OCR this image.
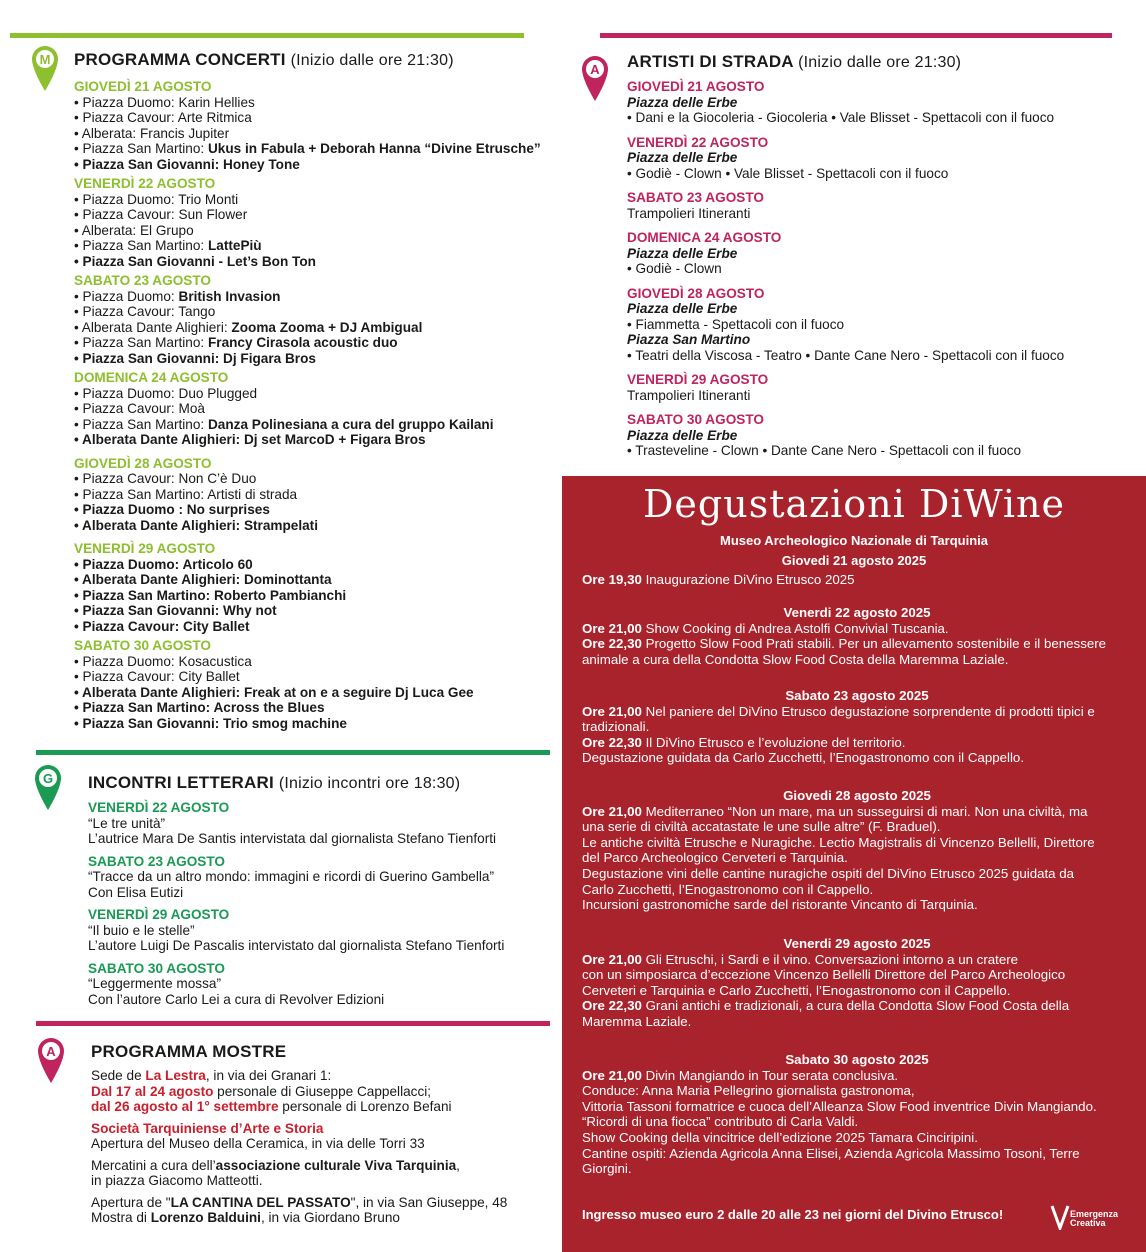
M PROGRAMMA CONCERTI (Inizio dalle ore 21:30)
GIOVEDÌ 21 AGOSTO
• Piazza Duomo: Karin Hellies
• Piazza Cavour: Arte Ritmica
• Alberata: Francis Jupiter
• Piazza San Martino: Ukus in Fabula + Deborah Hanna “Divine Etrusche”
• Piazza San Giovanni: Honey Tone
VENERDÌ 22 AGOSTO
• Piazza Duomo: Trio Monti
• Piazza Cavour: Sun Flower
• Alberata: El Grupo
• Piazza San Martino: LattePiù
• Piazza San Giovanni - Let’s Bon Ton
SABATO 23 AGOSTO
• Piazza Duomo: British Invasion
• Piazza Cavour: Tango
• Alberata Dante Alighieri: Zooma Zooma + DJ Ambigual
• Piazza San Martino: Francy Cirasola acoustic duo
• Piazza San Giovanni: Dj Figara Bros
DOMENICA 24 AGOSTO
• Piazza Duomo: Duo Plugged
• Piazza Cavour: Moà
• Piazza San Martino: Danza Polinesiana a cura del gruppo Kailani
• Alberata Dante Alighieri: Dj set MarcoD + Figara Bros
GIOVEDÌ 28 AGOSTO
• Piazza Cavour: Non C’è Duo
• Piazza San Martino: Artisti di strada
• Piazza Duomo : No surprises
• Alberata Dante Alighieri: Strampelati
VENERDÌ 29 AGOSTO
• Piazza Duomo: Articolo 60
• Alberata Dante Alighieri: Dominottanta
• Piazza San Martino: Roberto Pambianchi
• Piazza San Giovanni: Why not
• Piazza Cavour: City Ballet
SABATO 30 AGOSTO
• Piazza Duomo: Kosacustica
• Piazza Cavour: City Ballet
• Alberata Dante Alighieri: Freak at on e a seguire Dj Luca Gee
• Piazza San Martino: Across the Blues
• Piazza San Giovanni: Trio smog machine
G INCONTRI LETTERARI (Inizio incontri ore 18:30)
VENERDÌ 22 AGOSTO
“Le tre unità”
L’autrice Mara De Santis intervistata dal giornalista Stefano Tienforti
SABATO 23 AGOSTO
“Tracce da un altro mondo: immagini e ricordi di Guerino Gambella”
Con Elisa Eutizi
VENERDÌ 29 AGOSTO
“Il buio e le stelle”
L’autore Luigi De Pascalis intervistato dal giornalista Stefano Tienforti
SABATO 30 AGOSTO
“Leggermente mossa”
Con l’autore Carlo Lei a cura di Revolver Edizioni
A PROGRAMMA MOSTRE
Sede de La Lestra, in via dei Granari 1:
Dal 17 al 24 agosto personale di Giuseppe Cappellacci;
dal 26 agosto al 1° settembre personale di Lorenzo Befani
Società Tarquiniense d’Arte e Storia
Apertura del Museo della Ceramica, in via delle Torri 33
Mercatini a cura dell’associazione culturale Viva Tarquinia,
in piazza Giacomo Matteotti.
Apertura de "LA CANTINA DEL PASSATO", in via San Giuseppe, 48
Mostra di Lorenzo Balduini, in via Giordano Bruno
A ARTISTI DI STRADA (Inizio dalle ore 21:30)
GIOVEDÌ 21 AGOSTO
Piazza delle Erbe
• Dani e la Giocoleria - Giocoleria • Vale Blisset - Spettacoli con il fuoco
VENERDÌ 22 AGOSTO
Piazza delle Erbe
• Godiè - Clown • Vale Blisset - Spettacoli con il fuoco
SABATO 23 AGOSTO
Trampolieri Itineranti
DOMENICA 24 AGOSTO
Piazza delle Erbe
• Godiè - Clown
GIOVEDÌ 28 AGOSTO
Piazza delle Erbe
• Fiammetta - Spettacoli con il fuoco
Piazza San Martino
• Teatri della Viscosa - Teatro • Dante Cane Nero - Spettacoli con il fuoco
VENERDÌ 29 AGOSTO
Trampolieri Itineranti
SABATO 30 AGOSTO
Piazza delle Erbe
• Trasteveline - Clown • Dante Cane Nero - Spettacoli con il fuoco
Degustazioni DiWine
Museo Archeologico Nazionale di Tarquinia
Giovedi 21 agosto 2025
Ore 19,30 Inaugurazione DiVino Etrusco 2025
Venerdi 22 agosto 2025
Ore 21,00 Show Cooking di Andrea Astolfi Convivial Tuscania.
Ore 22,30 Progetto Slow Food Prati stabili. Per un allevamento sostenibile e il benessere
animale a cura della Condotta Slow Food Costa della Maremma Laziale.
Sabato 23 agosto 2025
Ore 21,00 Nel paniere del DiVino Etrusco degustazione sorprendente di prodotti tipici e
tradizionali.
Ore 22,30 Il DiVino Etrusco e l’evoluzione del territorio.
Degustazione guidata da Carlo Zucchetti, l’Enogastronomo con il Cappello.
Giovedi 28 agosto 2025
Ore 21,00 Mediterraneo “Non un mare, ma un susseguirsi di mari. Non una civiltà, ma
una serie di civiltà accatastate le une sulle altre” (F. Braduel).
Le antiche civiltà Etrusche e Nuragiche. Lectio Magistralis di Vincenzo Bellelli, Direttore
del Parco Archeologico Cerveteri e Tarquinia.
Degustazione vini delle cantine nuragiche ospiti del DiVino Etrusco 2025 guidata da
Carlo Zucchetti, l’Enogastronomo con il Cappello.
Incursioni gastronomiche sarde del ristorante Vincanto di Tarquinia.
Venerdi 29 agosto 2025
Ore 21,00 Gli Etruschi, i Sardi e il vino. Conversazioni intorno a un cratere
con un simposiarca d’eccezione Vincenzo Bellelli Direttore del Parco Archeologico
Cerveteri e Tarquinia e Carlo Zucchetti, l’Enogastronomo con il Cappello.
Ore 22,30 Grani antichi e tradizionali, a cura della Condotta Slow Food Costa della
Maremma Laziale.
Sabato 30 agosto 2025
Ore 21,00 Divin Mangiando in Tour serata conclusiva.
Conduce: Anna Maria Pellegrino giornalista gastronoma,
Vittoria Tassoni formatrice e cuoca dell’Alleanza Slow Food inventrice Divin Mangiando.
“Ricordi di una fiocca” contributo di Carla Valdi.
Show Cooking della vincitrice dell’edizione 2025 Tamara Cinciripini.
Cantine ospiti: Azienda Agricola Anna Elisei, Azienda Agricola Massimo Tosoni, Terre
Giorgini.
Ingresso museo euro 2 dalle 20 alle 23 nei giorni del Divino Etrusco!	Emergenza
Creativa
